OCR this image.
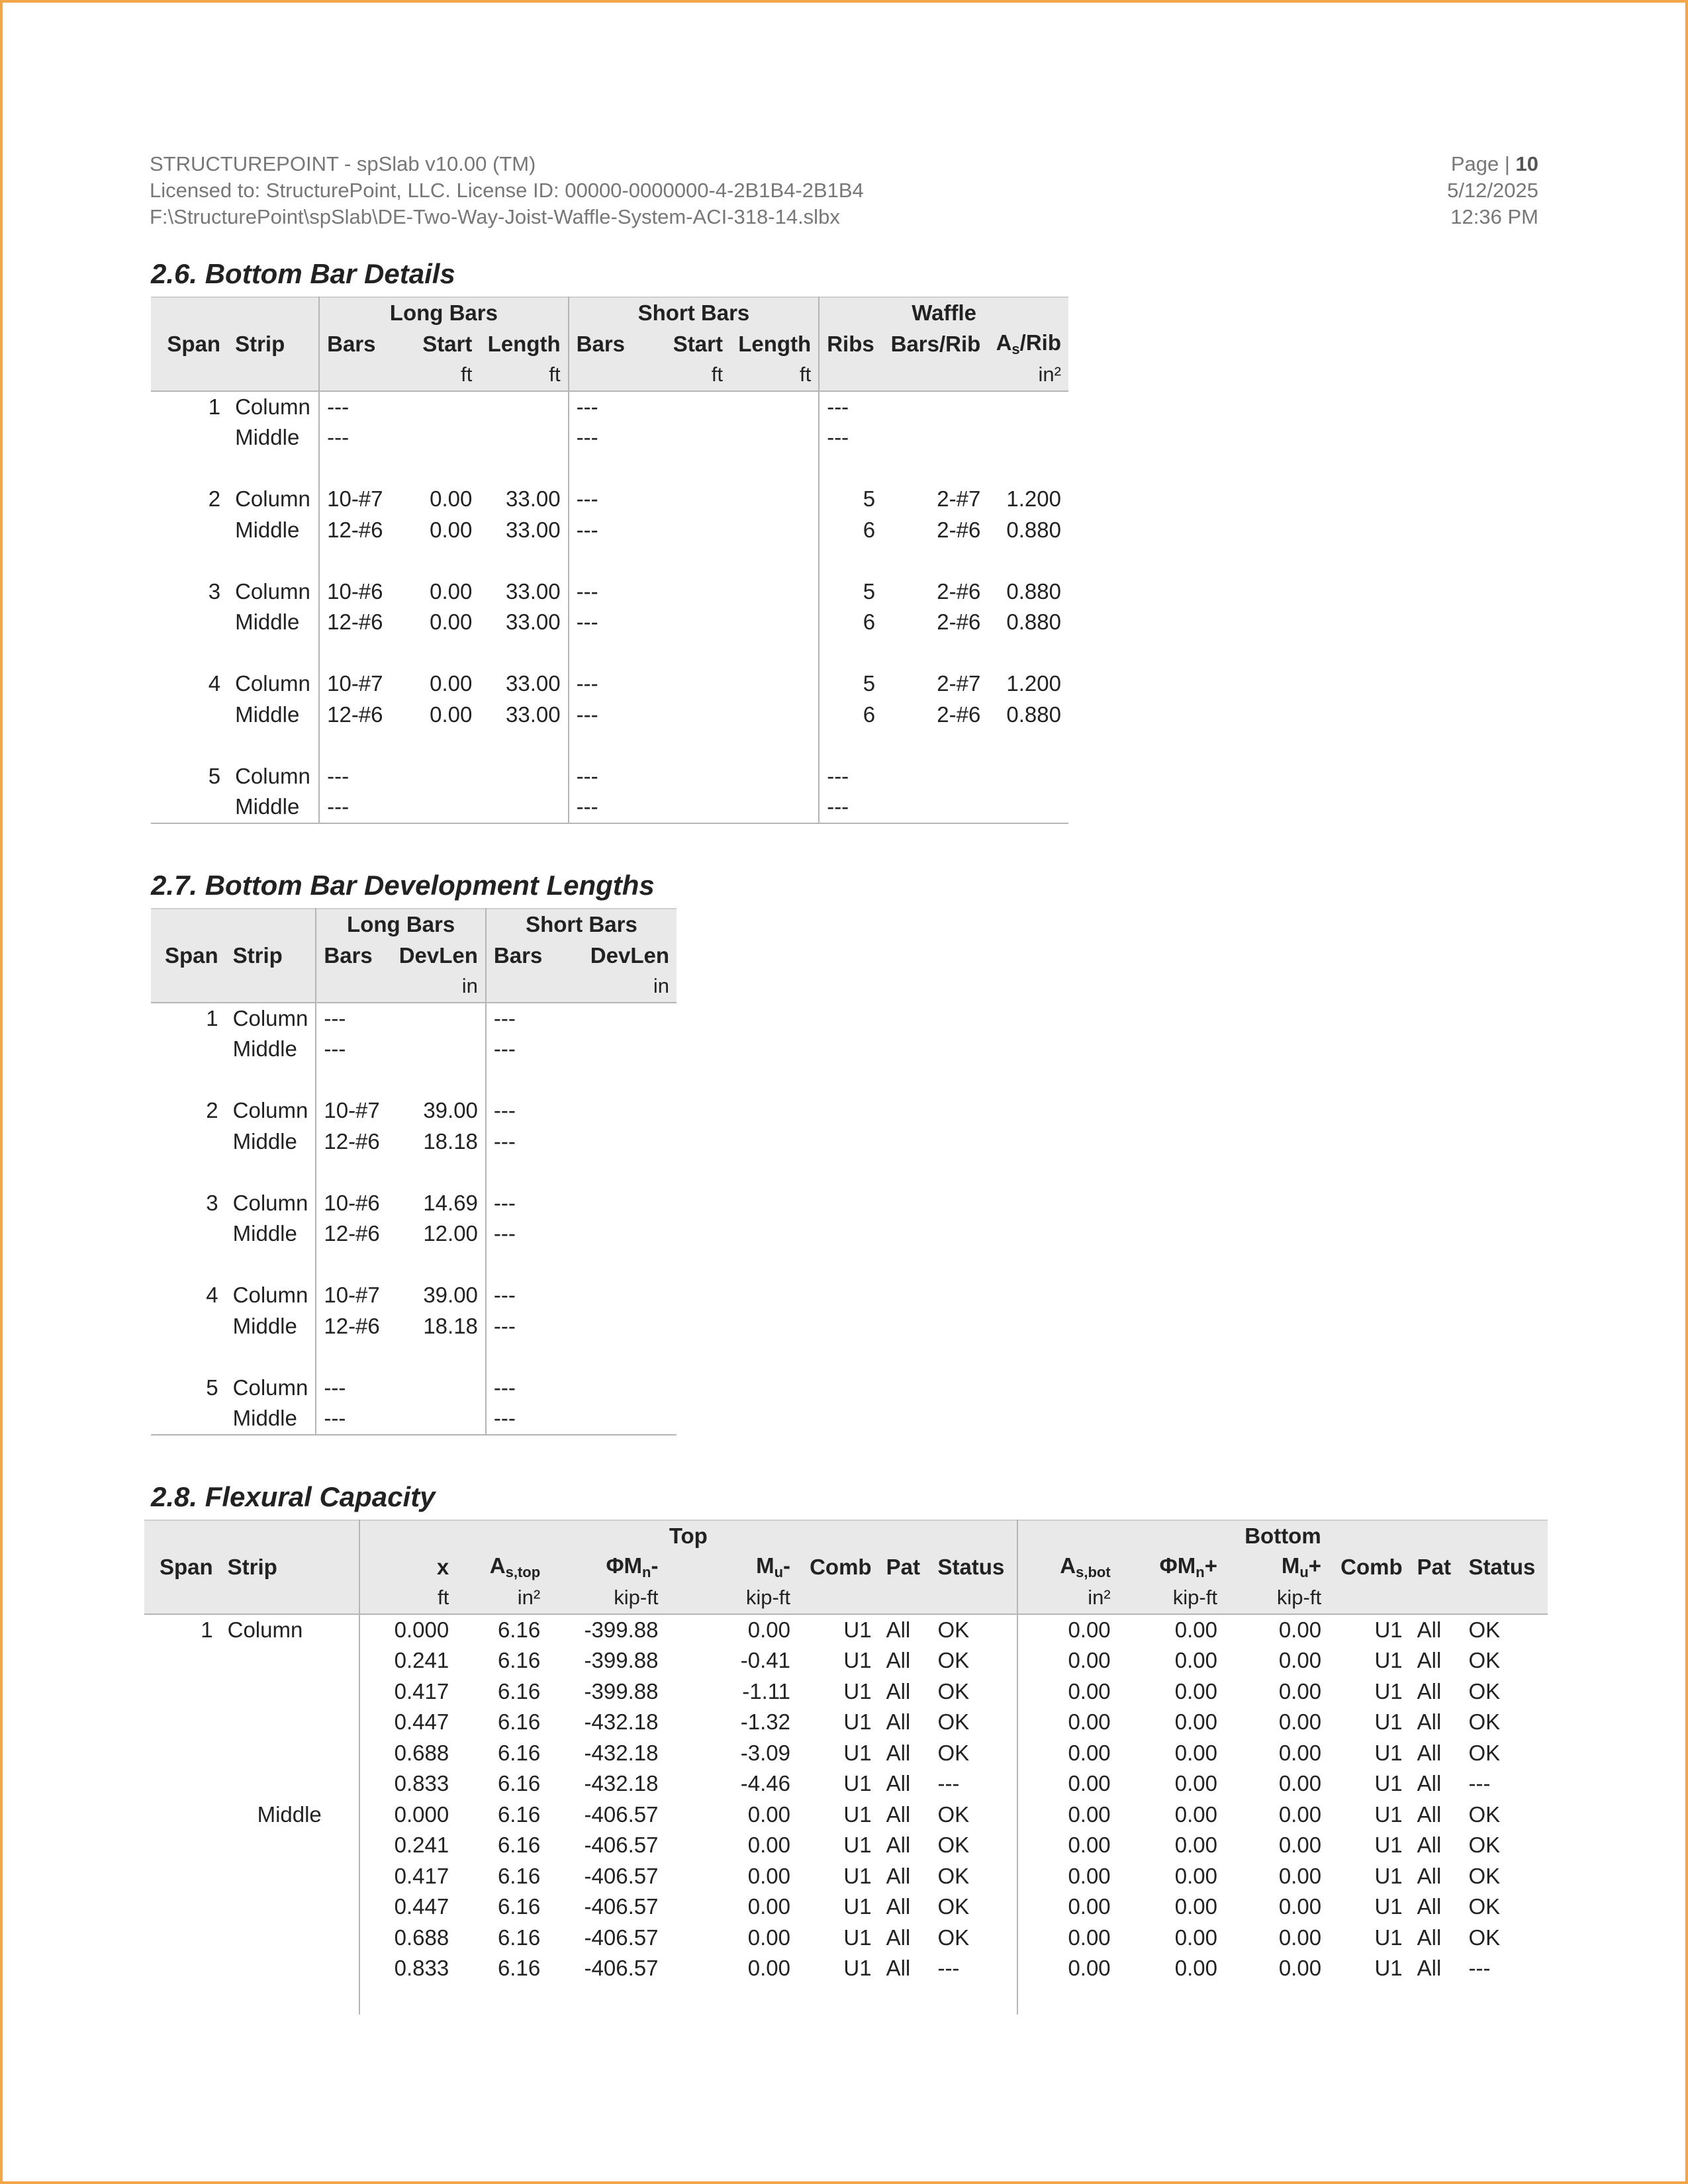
STRUCTUREPOINT - spSlab v10.00 (TM)
Licensed to: StructurePoint, LLC. License ID: 00000-0000000-4-2B1B4-2B1B4
F:\StructurePoint\spSlab\DE-Two-Way-Joist-Waffle-System-ACI-318-14.slbx
Page | 10
5/12/2025
12:36 PM
2.6. Bottom Bar Details
		Long Bars			Short Bars			Waffle		
Span	Strip	Bars	Start	Length	Bars	Start	Length	Ribs	Bars/Rib	$A_s$/Rib
			ft	ft		ft	ft			in²
1	Column	---			---			---		
	Middle	---			---			---		

2	Column	10-#7	0.00	33.00	---			5	2-#7	1.200
	Middle	12-#6	0.00	33.00	---			6	2-#6	0.880

3	Column	10-#6	0.00	33.00	---			5	2-#6	0.880
	Middle	12-#6	0.00	33.00	---			6	2-#6	0.880

4	Column	10-#7	0.00	33.00	---			5	2-#7	1.200
	Middle	12-#6	0.00	33.00	---			6	2-#6	0.880

5	Column	---			---			---		
	Middle	---			---			---		
2.7. Bottom Bar Development Lengths
		Long Bars		Short Bars	
Span	Strip	Bars	DevLen	Bars	DevLen
			in		in
1	Column	---		---	
	Middle	---		---	

2	Column	10-#7	39.00	---	
	Middle	12-#6	18.18	---	

3	Column	10-#6	14.69	---	
	Middle	12-#6	12.00	---	

4	Column	10-#7	39.00	---	
	Middle	12-#6	18.18	---	

5	Column	---		---	
	Middle	---		---	
2.8. Flexural Capacity
		Top							Bottom					
Span	Strip	x	$A_{s,top}$	$\Phi M_n-$	$M_u-$	Comb	Pat	Status	$A_{s,bot}$	$\Phi M_n+$	$M_u+$	Comb	Pat	Status
		ft	in²	kip-ft	kip-ft				in²	kip-ft	kip-ft			
1	Column	0.000	6.16	-399.88	0.00	U1	All	OK	0.00	0.00	0.00	U1	All	OK
		0.241	6.16	-399.88	-0.41	U1	All	OK	0.00	0.00	0.00	U1	All	OK
		0.417	6.16	-399.88	-1.11	U1	All	OK	0.00	0.00	0.00	U1	All	OK
		0.447	6.16	-432.18	-1.32	U1	All	OK	0.00	0.00	0.00	U1	All	OK
		0.688	6.16	-432.18	-3.09	U1	All	OK	0.00	0.00	0.00	U1	All	OK
		0.833	6.16	-432.18	-4.46	U1	All	---	0.00	0.00	0.00	U1	All	---
	Middle	0.000	6.16	-406.57	0.00	U1	All	OK	0.00	0.00	0.00	U1	All	OK
		0.241	6.16	-406.57	0.00	U1	All	OK	0.00	0.00	0.00	U1	All	OK
		0.417	6.16	-406.57	0.00	U1	All	OK	0.00	0.00	0.00	U1	All	OK
		0.447	6.16	-406.57	0.00	U1	All	OK	0.00	0.00	0.00	U1	All	OK
		0.688	6.16	-406.57	0.00	U1	All	OK	0.00	0.00	0.00	U1	All	OK
		0.833	6.16	-406.57	0.00	U1	All	---	0.00	0.00	0.00	U1	All	---
